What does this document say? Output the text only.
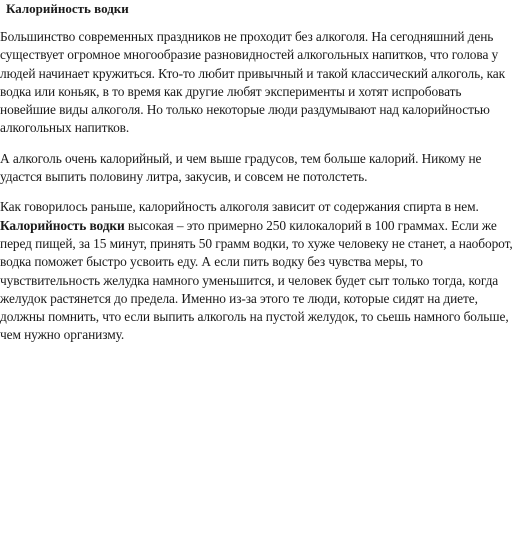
Калорийность водки

Большинство современных праздников не проходит без алкоголя. На сегодняшний день существует огромное многообразие разновидностей алкогольных напитков, что голова у людей начинает кружиться. Кто-то любит привычный и такой классический алкоголь, как водка или коньяк, в то время как другие любят эксперименты и хотят испробовать новейшие виды алкоголя. Но только некоторые люди раздумывают над калорийностью алкогольных напитков.

А алкоголь очень калорийный, и чем выше градусов, тем больше калорий. Никому не удастся выпить половину литра, закусив, и совсем не потолстеть.

Как говорилось раньше, калорийность алкоголя зависит от содержания спирта в нем. Калорийность водки высокая – это примерно 250 килокалорий в 100 граммах. Если же перед пищей, за 15 минут, принять 50 грамм водки, то хуже человеку не станет, а наоборот, водка поможет быстро усвоить еду. А если пить водку без чувства меры, то чувствительность желудка намного уменьшится, и человек будет сыт только тогда, когда желудок растянется до предела. Именно из-за этого те люди, которые сидят на диете, должны помнить, что если выпить алкоголь на пустой желудок, то сьешь намного больше, чем нужно организму.
